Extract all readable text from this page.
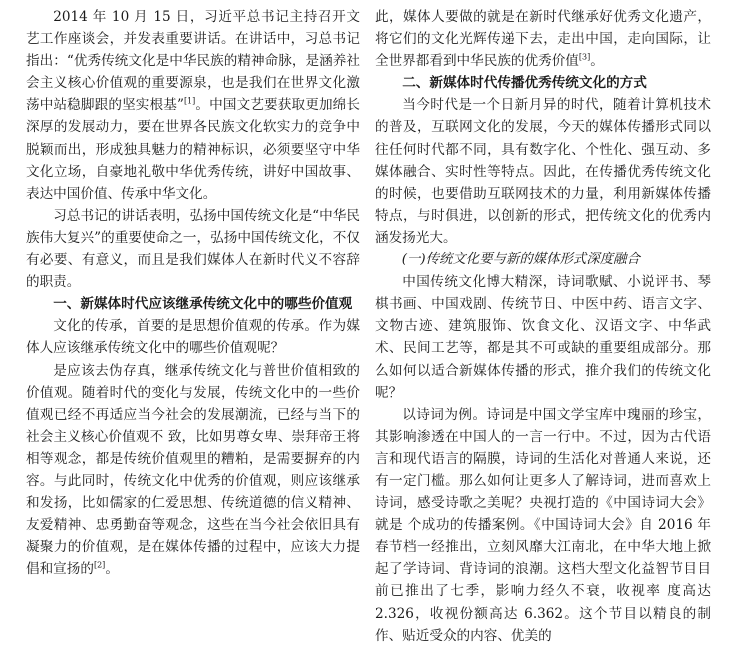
2014 年 10 月 15 日，习近平总书记主持召开文艺工作座谈会，并发表重要讲话。在讲话中，习总书记指出：“优秀传统文化是中华民族的精神命脉，是涵养社会主义核心价值观的重要源泉，也是我们在世界文化激荡中站稳脚跟的坚实根基”[1]。中国文艺要获取更加绵长深厚的发展动力，要在世界各民族文化软实力的竞争中脱颖而出，形成独具魅力的精神标识，必须要坚守中华文化立场，自豪地礼敬中华优秀传统，讲好中国故事、表达中国价值、传承中华文化。

习总书记的讲话表明，弘扬中国传统文化是“中华民族伟大复兴”的重要使命之一，弘扬中国传统文化，不仅有必要、有意义，而且是我们媒体人在新时代义不容辞的职责。

一、新媒体时代应该继承传统文化中的哪些价值观

文化的传承，首要的是思想价值观的传承。作为媒体人应该继承传统文化中的哪些价值观呢？

是应该去伪存真，继承传统文化与普世价值相致的价值观。随着时代的变化与发展，传统文化中的一些价值观已经不再适应当今社会的发展潮流，已经与当下的社会主义核心价值观不 致，比如男尊女卑、崇拜帝王将相等观念，都是传统价值观里的糟粕，是需要摒弃的内容。与此同时，传统文化中优秀的价值观，则应该继承和发扬，比如儒家的仁爱思想、传统道德的信义精神、友爱精神、忠勇勤奋等观念，这些在当今社会依旧具有凝聚力的价值观，是在媒体传播的过程中，应该大力提倡和宣扬的[2]。

此，媒体人要做的就是在新时代继承好优秀文化遗产，将它们的文化光辉传递下去，走出中国，走向国际，让全世界都看到中华民族的优秀价值[3]。

二、新媒体时代传播优秀传统文化的方式

当今时代是一个日新月异的时代，随着计算机技术的普及，互联网文化的发展，今天的媒体传播形式同以往任何时代都不同，具有数字化、个性化、强互动、多媒体融合、实时性等特点。因此，在传播优秀传统文化的时候，也要借助互联网技术的力量，利用新媒体传播特点，与时俱进，以创新的形式，把传统文化的优秀内涵发扬光大。

(一)传统文化要与新的媒体形式深度融合

中国传统文化博大精深，诗词歌赋、小说评书、琴棋书画、中国戏剧、传统节日、中医中药、语言文字、文物古迹、建筑服饰、饮食文化、汉语文字、中华武术、民间工艺等，都是其不可或缺的重要组成部分。那么如何以适合新媒体传播的形式，推介我们的传统文化呢？

以诗词为例。诗词是中国文学宝库中瑰丽的珍宝，其影响渗透在中国人的一言一行中。不过，因为古代语言和现代语言的隔膜，诗词的生活化对普通人来说，还有一定门槛。那么如何让更多人了解诗词，进而喜欢上诗词，感受诗歌之美呢？央视打造的《中国诗词大会》就是 个成功的传播案例。《中国诗词大会》自 2016 年春节档一经推出，立刻风靡大江南北，在中华大地上掀起了学诗词、背诗词的浪潮。这档大型文化益智节目目前已推出了七季，影响力经久不衰，收视率 度高达 2.326，收视份额高达 6.362。这个节目以精良的制作、贴近受众的内容、优美的
